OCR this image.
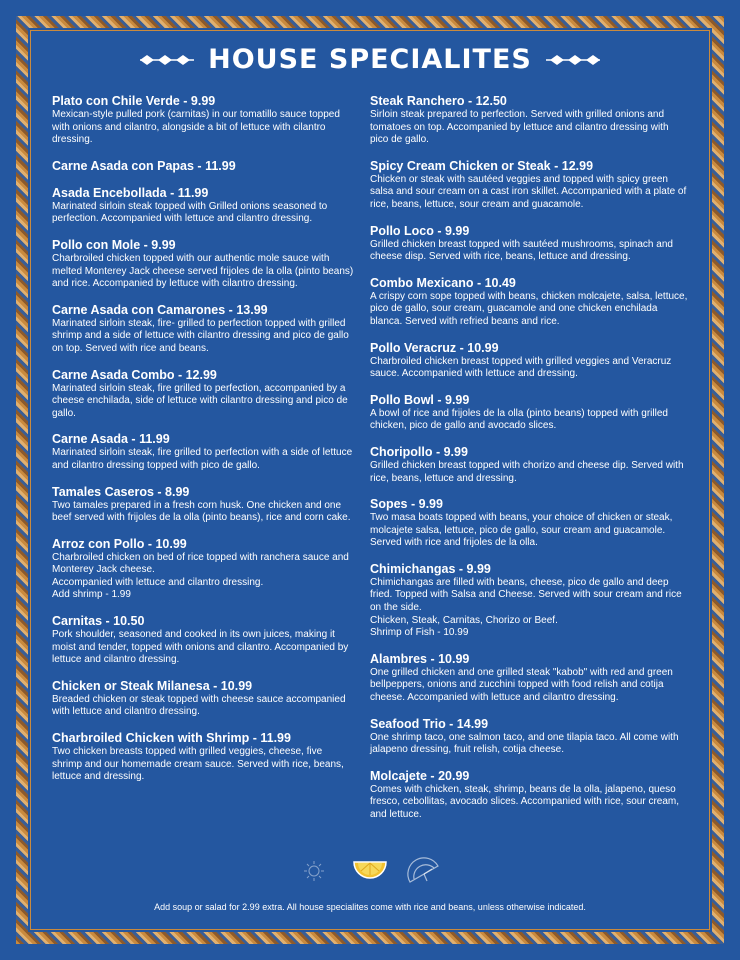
HOUSE SPECIALITES
Plato con Chile Verde - 9.99
Mexican-style pulled pork (carnitas) in our tomatillo sauce topped with onions and cilantro, alongside a bit of lettuce with cilantro dressing.
Carne Asada con Papas - 11.99
Asada Encebollada - 11.99
Marinated sirloin steak topped with Grilled onions seasoned to perfection. Accompanied with lettuce and cilantro dressing.
Pollo con Mole - 9.99
Charbroiled chicken topped with our authentic mole sauce with melted Monterey Jack cheese served frijoles de la olla (pinto beans) and rice. Accompanied by lettuce with cilantro dressing.
Carne Asada con Camarones - 13.99
Marinated sirloin steak, fire- grilled to perfection topped with grilled shrimp and a side of lettuce with cilantro dressing and pico de gallo on top. Served with rice and beans.
Carne Asada Combo - 12.99
Marinated sirloin steak, fire grilled to perfection, accompanied by a cheese enchilada, side of lettuce with cilantro dressing and pico de gallo.
Carne Asada - 11.99
Marinated sirloin steak, fire grilled to perfection with a side of lettuce and cilantro dressing topped with pico de gallo.
Tamales Caseros - 8.99
Two tamales prepared in a fresh corn husk. One chicken and one beef served with frijoles de la olla (pinto beans), rice and corn cake.
Arroz con Pollo - 10.99
Charbroiled chicken on bed of rice topped with ranchera sauce and Monterey Jack cheese.
Accompanied with lettuce and cilantro dressing.
Add shrimp - 1.99
Carnitas - 10.50
Pork shoulder, seasoned and cooked in its own juices, making it moist and tender, topped with onions and cilantro. Accompanied by lettuce and cilantro dressing.
Chicken or Steak Milanesa - 10.99
Breaded chicken or steak topped with cheese sauce accompanied with lettuce and cilantro dressing.
Charbroiled Chicken with Shrimp - 11.99
Two chicken breasts topped with grilled veggies, cheese, five shrimp and our homemade cream sauce. Served with rice, beans, lettuce and dressing.
Steak Ranchero - 12.50
Sirloin steak prepared to perfection. Served with grilled onions and tomatoes on top. Accompanied by lettuce and cilantro dressing with pico de gallo.
Spicy Cream Chicken or Steak - 12.99
Chicken or steak with sautéed veggies and topped with spicy green salsa and sour cream on a cast iron skillet. Accompanied with a plate of rice, beans, lettuce, sour cream and guacamole.
Pollo Loco - 9.99
Grilled chicken breast topped with sautéed mushrooms, spinach and cheese disp. Served with rice, beans, lettuce and dressing.
Combo Mexicano - 10.49
A crispy corn sope topped with beans, chicken molcajete, salsa, lettuce, pico de gallo, sour cream, guacamole and one chicken enchilada blanca. Served with refried beans and rice.
Pollo Veracruz - 10.99
Charbroiled chicken breast topped with grilled veggies and Veracruz sauce. Accompanied with lettuce and dressing.
Pollo Bowl - 9.99
A bowl of rice and frijoles de la olla (pinto beans) topped with grilled chicken, pico de gallo and avocado slices.
Choripollo - 9.99
Grilled chicken breast topped with chorizo and cheese dip. Served with rice, beans, lettuce and dressing.
Sopes - 9.99
Two masa boats topped with beans, your choice of chicken or steak, molcajete salsa, lettuce, pico de gallo, sour cream and guacamole. Served with rice and frijoles de la olla.
Chimichangas - 9.99
Chimichangas are filled with beans, cheese, pico de gallo and deep fried. Topped with Salsa and Cheese. Served with sour cream and rice on the side.
Chicken, Steak, Carnitas, Chorizo or Beef.
Shrimp of Fish - 10.99
Alambres - 10.99
One grilled chicken and one grilled steak "kabob" with red and green bellpeppers, onions and zucchini topped with food relish and cotija cheese. Accompanied with lettuce and cilantro dressing.
Seafood Trio - 14.99
One shrimp taco, one salmon taco, and one tilapia taco. All come with jalapeno dressing, fruit relish, cotija cheese.
Molcajete - 20.99
Comes with chicken, steak, shrimp, beans de la olla, jalapeno, queso fresco, cebollitas, avocado slices. Accompanied with rice, sour cream, and lettuce.
Add soup or salad for 2.99 extra. All house specialites come with rice and beans, unless otherwise indicated.
